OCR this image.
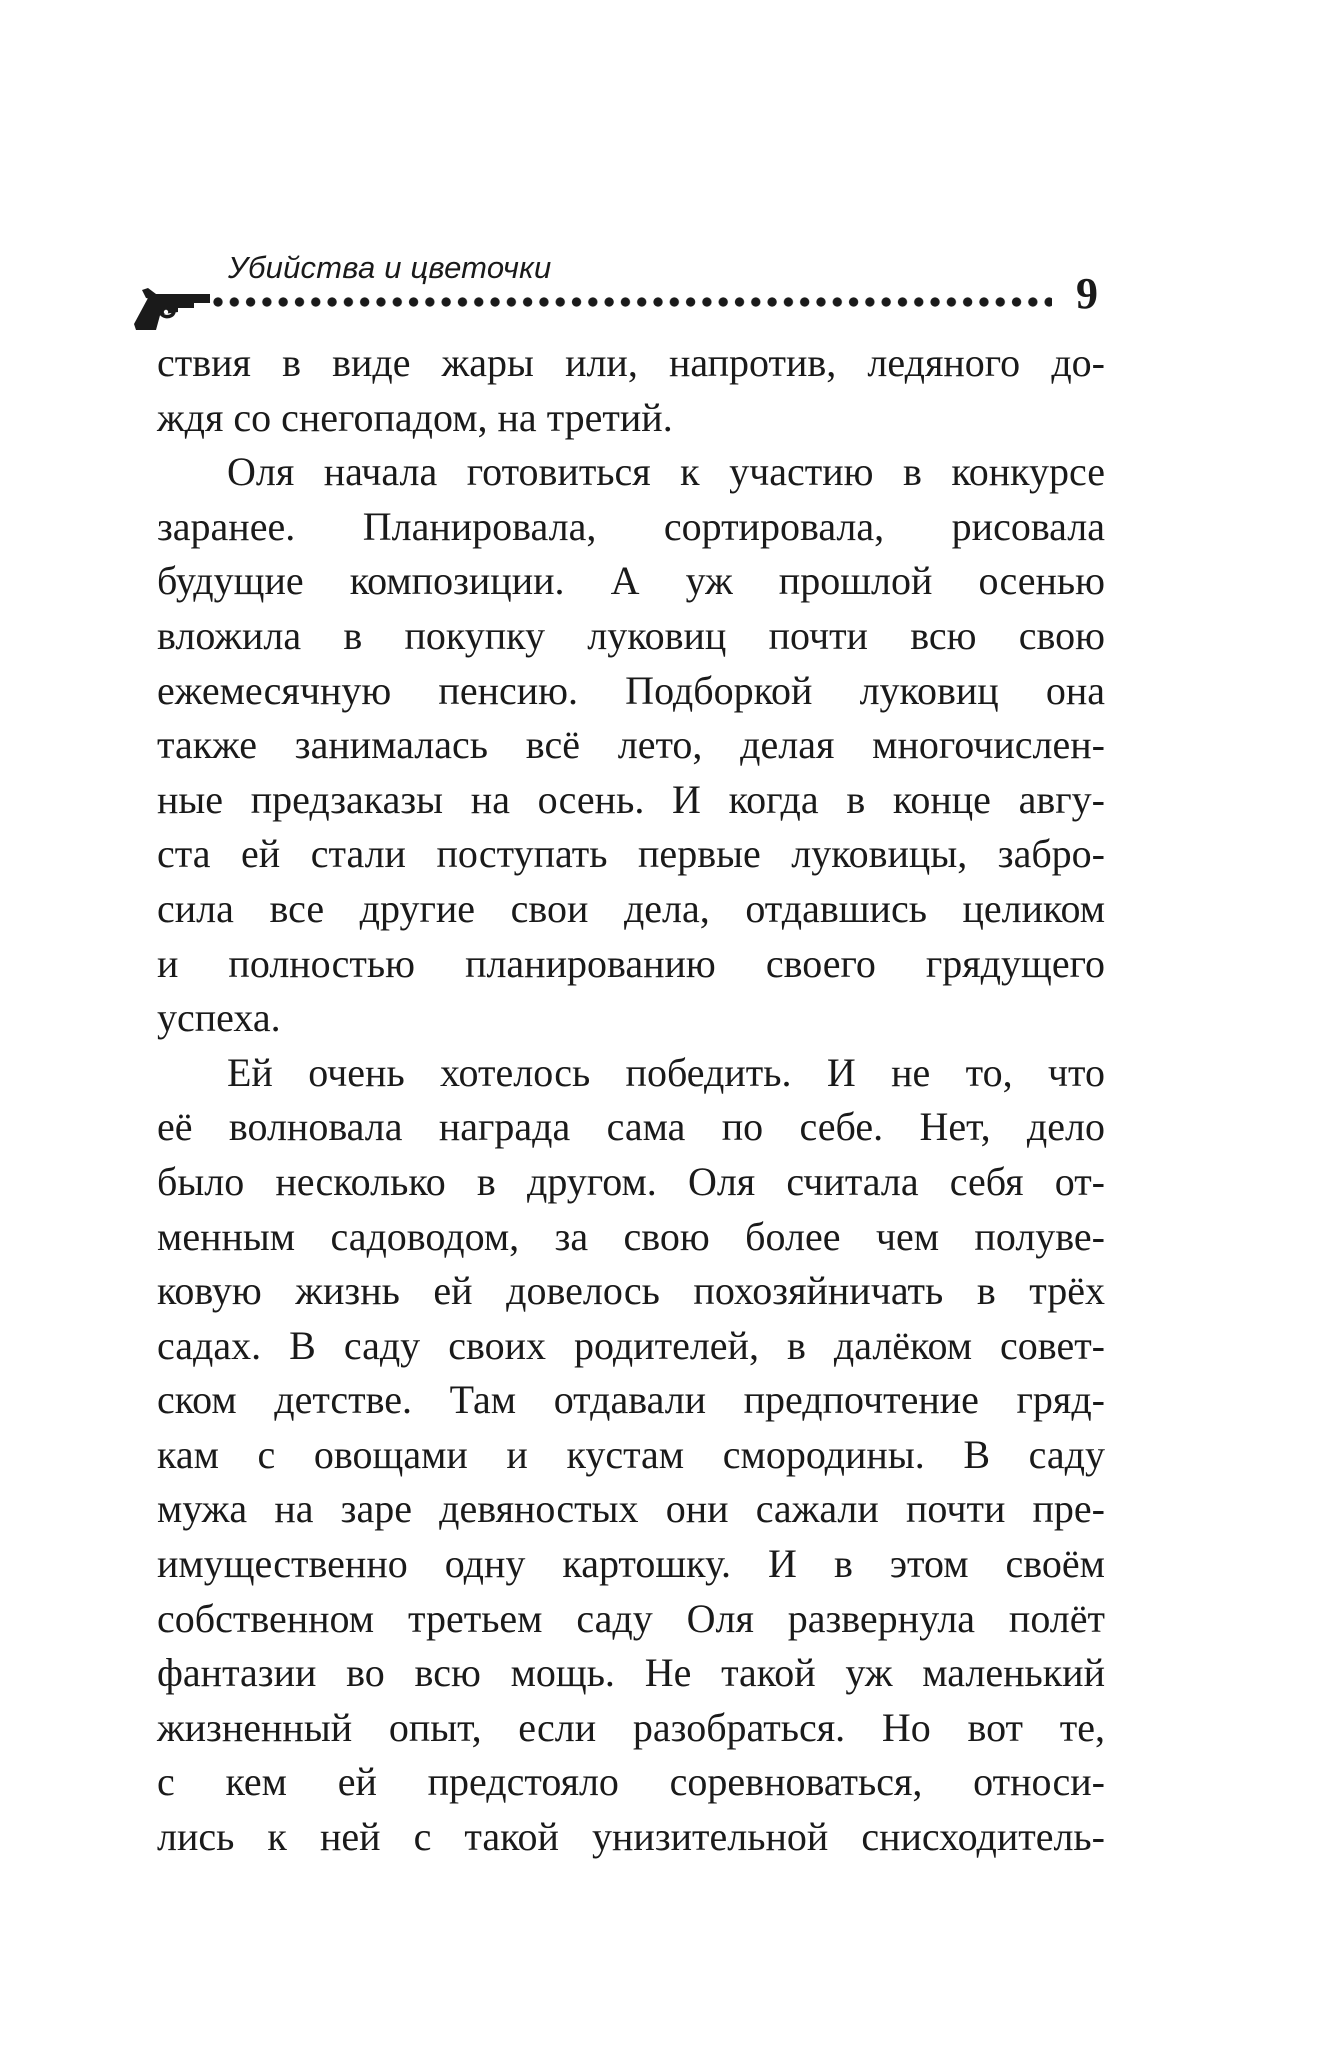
Убийства и цветочки
9
ствия в виде жары или, напротив, ледяного до-
ждя со снегопадом, на третий.
Оля начала готовиться к участию в конкурсе
заранее. Планировала, сортировала, рисовала
будущие композиции. А уж прошлой осенью
вложила в покупку луковиц почти всю свою
ежемесячную пенсию. Подборкой луковиц она
также занималась всё лето, делая многочислен-
ные предзаказы на осень. И когда в конце авгу-
ста ей стали поступать первые луковицы, забро-
сила все другие свои дела, отдавшись целиком
и полностью планированию своего грядущего
успеха.
Ей очень хотелось победить. И не то, что
её волновала награда сама по себе. Нет, дело
было несколько в другом. Оля считала себя от-
менным садоводом, за свою более чем полуве-
ковую жизнь ей довелось похозяйничать в трёх
садах. В саду своих родителей, в далёком совет-
ском детстве. Там отдавали предпочтение гряд-
кам с овощами и кустам смородины. В саду
мужа на заре девяностых они сажали почти пре-
имущественно одну картошку. И в этом своём
собственном третьем саду Оля развернула полёт
фантазии во всю мощь. Не такой уж маленький
жизненный опыт, если разобраться. Но вот те,
с кем ей предстояло соревноваться, относи-
лись к ней с такой унизительной снисходитель-
